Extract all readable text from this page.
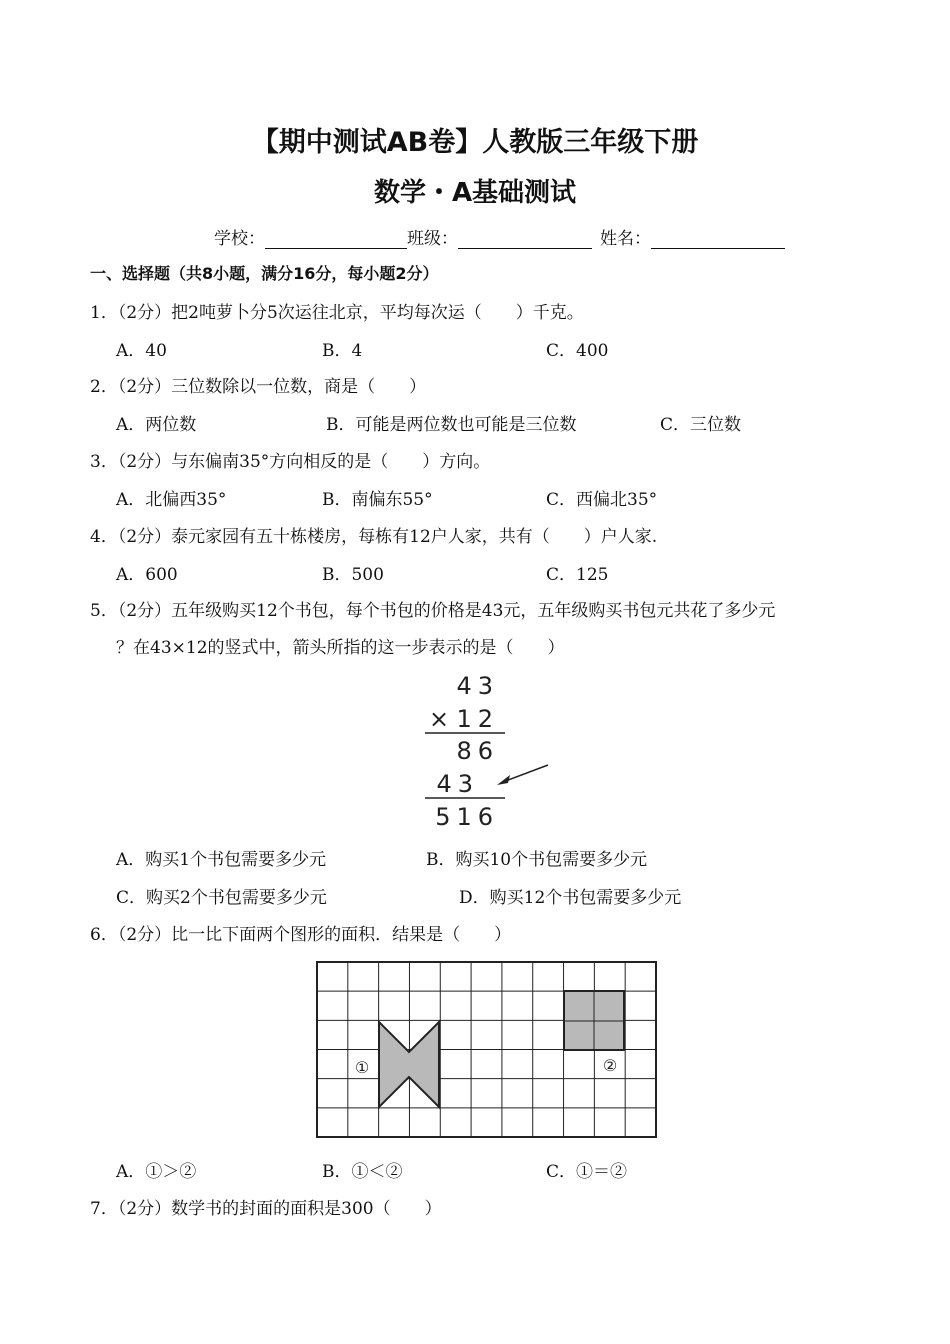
【期中测试AB卷】人教版三年级下册
数学・A基础测试
学校：	班级：	姓名：
一、选择题（共8小题，满分16分，每小题2分）
1．（2分）把2吨萝卜分5次运往北京，平均每次运（　　）千克。
A．40	B．4	C．400
2．（2分）三位数除以一位数，商是（　　）
A．两位数	B．可能是两位数也可能是三位数	C．三位数
3．（2分）与东偏南35°方向相反的是（　　）方向。
A．北偏西35°	B．南偏东55°	C．西偏北35°
4．（2分）泰元家园有五十栋楼房，每栋有12户人家，共有（　　）户人家.
A．600	B．500	C．125
5．（2分）五年级购买12个书包，每个书包的价格是43元，五年级购买书包元共花了多少元
？在43×12的竖式中，箭头所指的这一步表示的是（　　）
43
× 12
86
43
516
A．购买1个书包需要多少元	B．购买10个书包需要多少元
C．购买2个书包需要多少元	D．购买12个书包需要多少元
6．（2分）比一比下面两个图形的面积．结果是（　　）
①	②
A．①＞②	B．①＜②	C．①＝②
7．（2分）数学书的封面的面积是300（　　）
